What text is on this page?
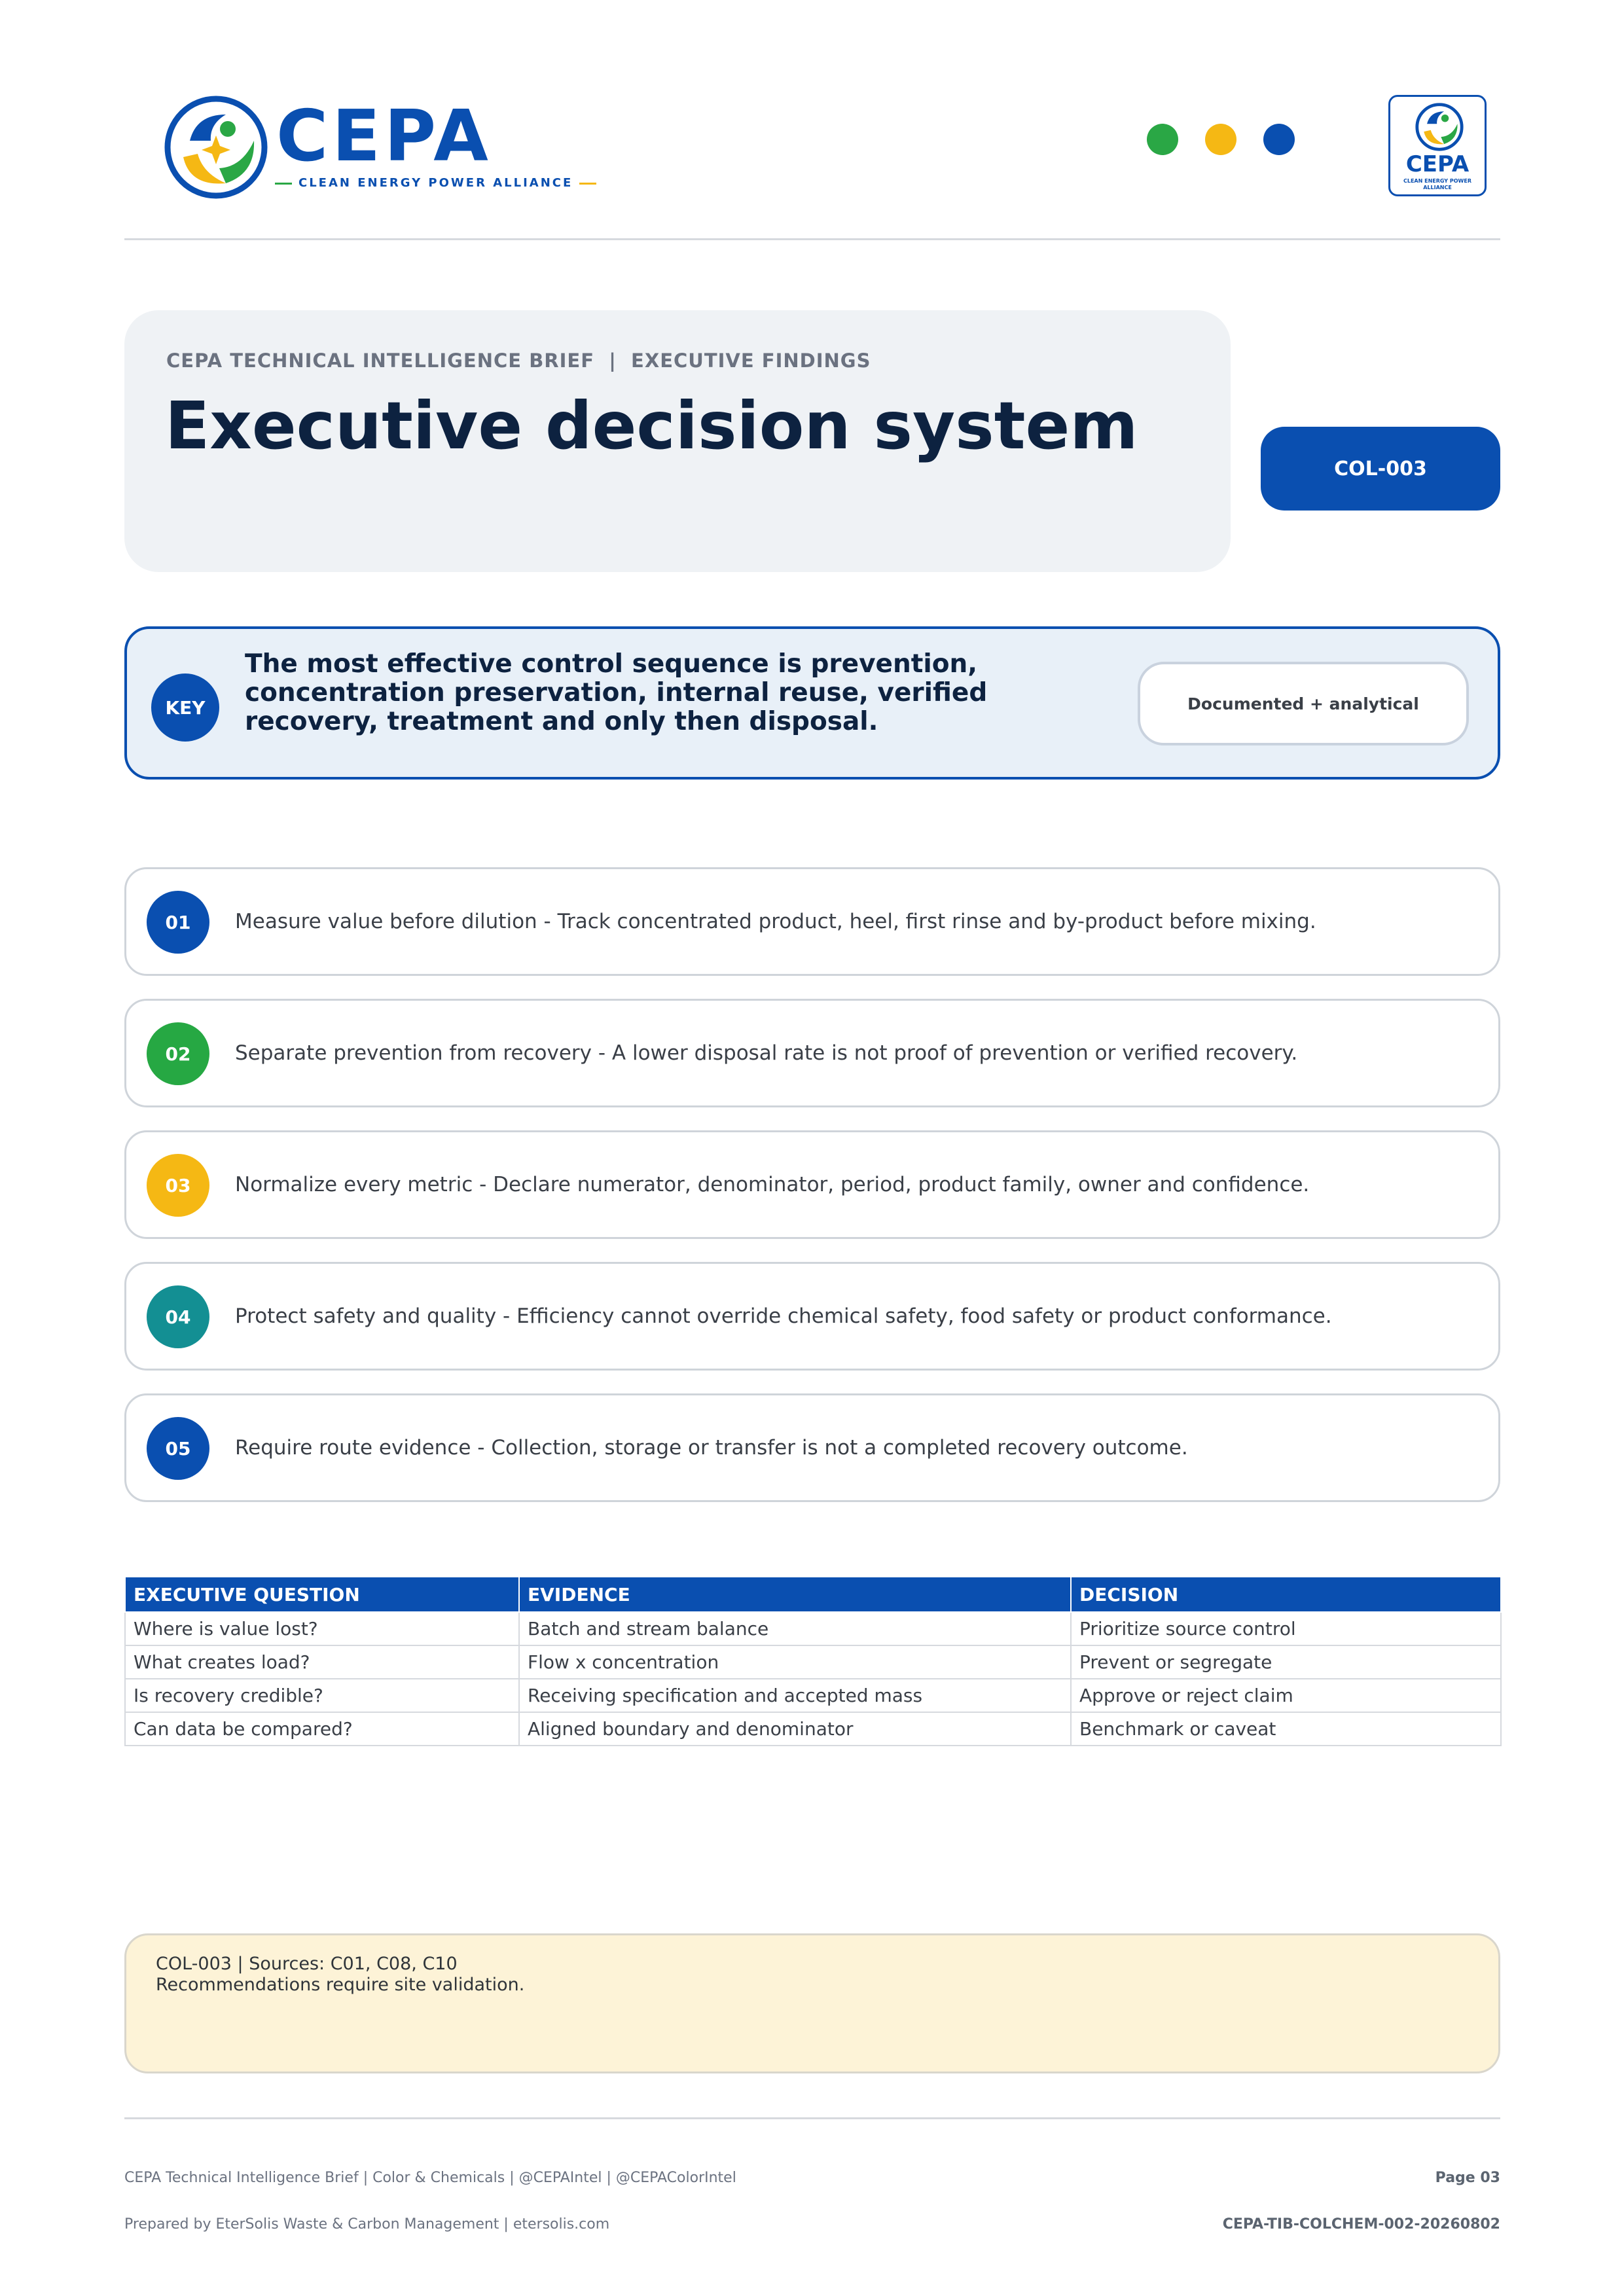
CEPA
CLEAN ENERGY POWER ALLIANCE
CEPA
CLEAN ENERGY POWER ALLIANCE
CEPA TECHNICAL INTELLIGENCE BRIEF  |  EXECUTIVE FINDINGS
Executive decision system
COL-003
KEY
The most effective control sequence is prevention, concentration preservation, internal reuse, verified recovery, treatment and only then disposal.
Documented + analytical
01	Measure value before dilution - Track concentrated product, heel, first rinse and by-product before mixing.
02	Separate prevention from recovery - A lower disposal rate is not proof of prevention or verified recovery.
03	Normalize every metric - Declare numerator, denominator, period, product family, owner and confidence.
04	Protect safety and quality - Efficiency cannot override chemical safety, food safety or product conformance.
05	Require route evidence - Collection, storage or transfer is not a completed recovery outcome.
EXECUTIVE QUESTION	EVIDENCE	DECISION
Where is value lost?	Batch and stream balance	Prioritize source control
What creates load?	Flow x concentration	Prevent or segregate
Is recovery credible?	Receiving specification and accepted mass	Approve or reject claim
Can data be compared?	Aligned boundary and denominator	Benchmark or caveat
COL-003 | Sources: C01, C08, C10
Recommendations require site validation.
CEPA Technical Intelligence Brief | Color & Chemicals | @CEPAIntel | @CEPAColorIntel
Prepared by EterSolis Waste & Carbon Management | etersolis.com
Page 03
CEPA-TIB-COLCHEM-002-20260802
